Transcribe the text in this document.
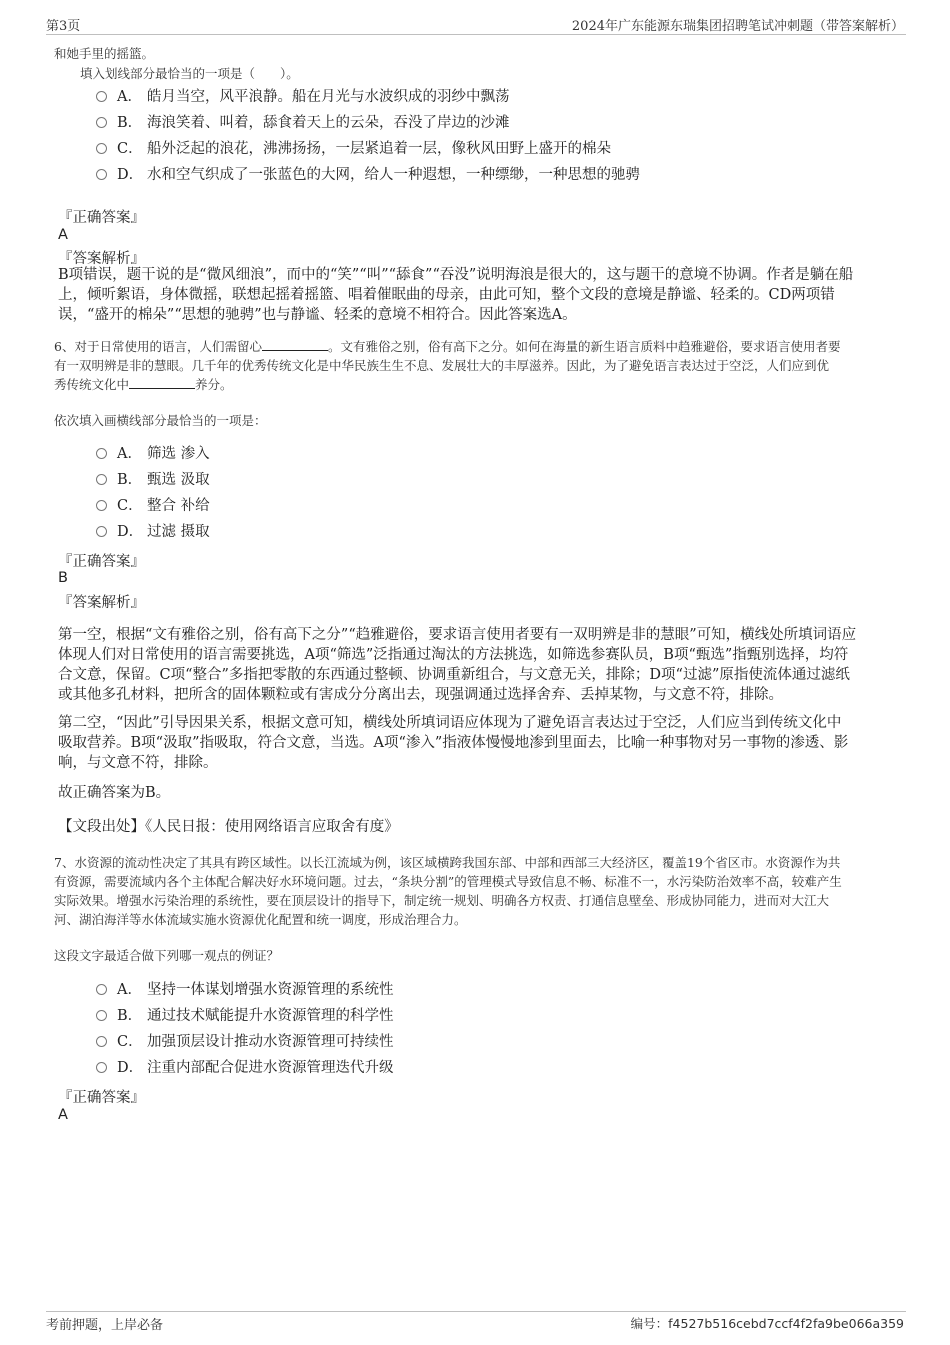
第3页	2024年广东能源东瑞集团招聘笔试冲刺题（带答案解析）
和她手里的摇篮。
填入划线部分最恰当的一项是（　　）。
A． 皓月当空，风平浪静。船在月光与水波织成的羽纱中飘荡
B． 海浪笑着、叫着，舔食着天上的云朵，吞没了岸边的沙滩
C． 船外泛起的浪花，沸沸扬扬，一层紧追着一层，像秋风田野上盛开的棉朵
D． 水和空气织成了一张蓝色的大网，给人一种遐想，一种缥缈，一种思想的驰骋
『正确答案』
A
『答案解析』
B项错误，题干说的是“微风细浪”，而中的“笑”“叫”“舔食”“吞没”说明海浪是很大的，这与题干的意境不协调。作者是躺在船
上，倾听絮语，身体微摇，联想起摇着摇篮、唱着催眠曲的母亲，由此可知，整个文段的意境是静谧、轻柔的。CD两项错
误，“盛开的棉朵”“思想的驰骋”也与静谧、轻柔的意境不相符合。因此答案选A。
6、对于日常使用的语言，人们需留心	。文有雅俗之别，俗有高下之分。如何在海量的新生语言质料中趋雅避俗，要求语言使用者要
有一双明辨是非的慧眼。几千年的优秀传统文化是中华民族生生不息、发展壮大的丰厚滋养。因此，为了避免语言表达过于空泛，人们应到优
秀传统文化中	养分。
依次填入画横线部分最恰当的一项是：
A． 筛选 渗入
B． 甄选 汲取
C． 整合 补给
D． 过滤 摄取
『正确答案』
B
『答案解析』
第一空，根据“文有雅俗之别，俗有高下之分”“趋雅避俗，要求语言使用者要有一双明辨是非的慧眼”可知，横线处所填词语应
体现人们对日常使用的语言需要挑选，A项“筛选”泛指通过淘汰的方法挑选，如筛选参赛队员，B项“甄选”指甄别选择，均符
合文意，保留。C项“整合”多指把零散的东西通过整顿、协调重新组合，与文意无关，排除；D项“过滤”原指使流体通过滤纸
或其他多孔材料，把所含的固体颗粒或有害成分分离出去，现强调通过选择舍弃、丢掉某物，与文意不符，排除。
第二空，“因此”引导因果关系，根据文意可知，横线处所填词语应体现为了避免语言表达过于空泛，人们应当到传统文化中
吸取营养。B项“汲取”指吸取，符合文意，当选。A项“渗入”指液体慢慢地渗到里面去，比喻一种事物对另一事物的渗透、影
响，与文意不符，排除。
故正确答案为B。
【文段出处】《人民日报：使用网络语言应取舍有度》
7、水资源的流动性决定了其具有跨区域性。以长江流域为例，该区域横跨我国东部、中部和西部三大经济区，覆盖19个省区市。水资源作为共
有资源，需要流域内各个主体配合解决好水环境问题。过去，“条块分割”的管理模式导致信息不畅、标准不一，水污染防治效率不高，较难产生
实际效果。增强水污染治理的系统性，要在顶层设计的指导下，制定统一规划、明确各方权责、打通信息壁垒、形成协同能力，进而对大江大
河、湖泊海洋等水体流域实施水资源优化配置和统一调度，形成治理合力。
这段文字最适合做下列哪一观点的例证？
A． 坚持一体谋划增强水资源管理的系统性
B． 通过技术赋能提升水资源管理的科学性
C． 加强顶层设计推动水资源管理可持续性
D． 注重内部配合促进水资源管理迭代升级
『正确答案』
A
考前押题，上岸必备	编号：f4527b516cebd7ccf4f2fa9be066a359
